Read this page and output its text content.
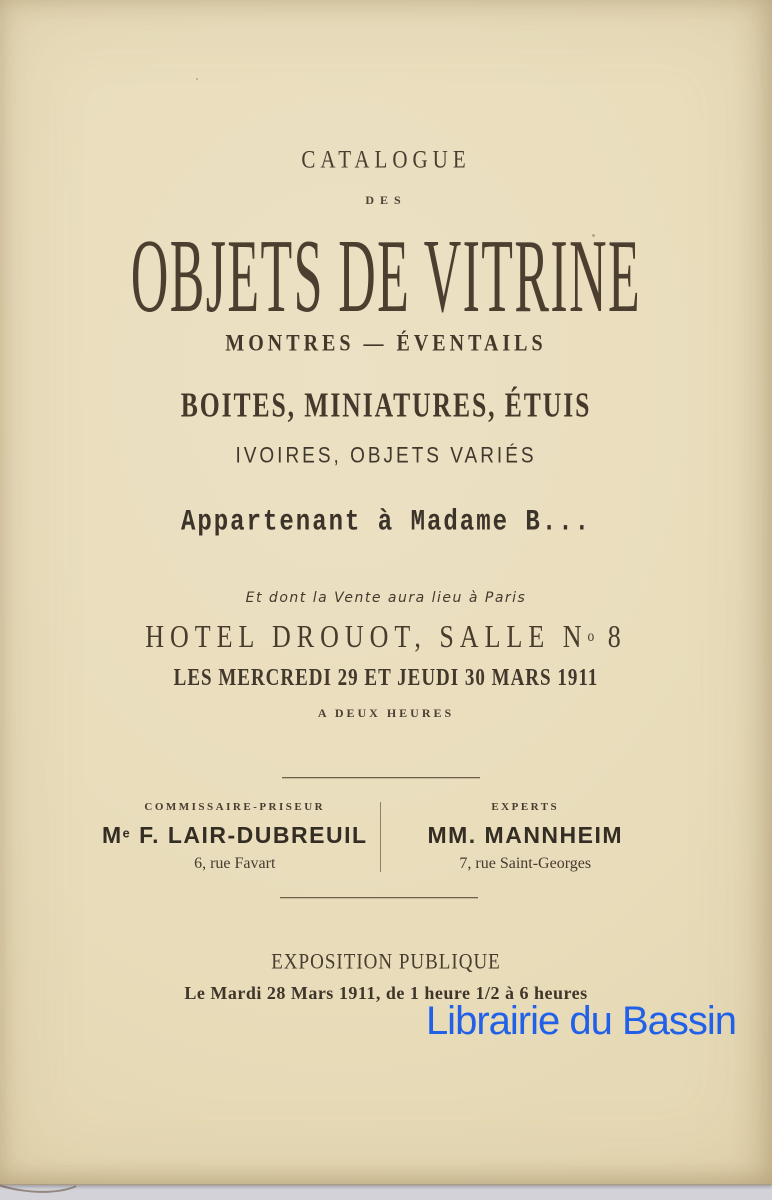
CATALOGUE
DES
OBJETS DE VITRINE
MONTRES — ÉVENTAILS
BOITES, MINIATURES, ÉTUIS
IVOIRES, OBJETS VARIÉS
Appartenant à Madame B...
Et dont la Vente aura lieu à Paris
HOTEL DROUOT, SALLE $N^o$ 8
LES MERCREDI 29 ET JEUDI 30 MARS 1911
A DEUX HEURES
COMMISSAIRE-PRISEUR
Me F. LAIR-DUBREUIL
6, rue Favart
EXPERTS
MM. MANNHEIM
7, rue Saint-Georges
EXPOSITION PUBLIQUE
Le Mardi 28 Mars 1911, de 1 heure 1/2 à 6 heures
Librairie du Bassin
